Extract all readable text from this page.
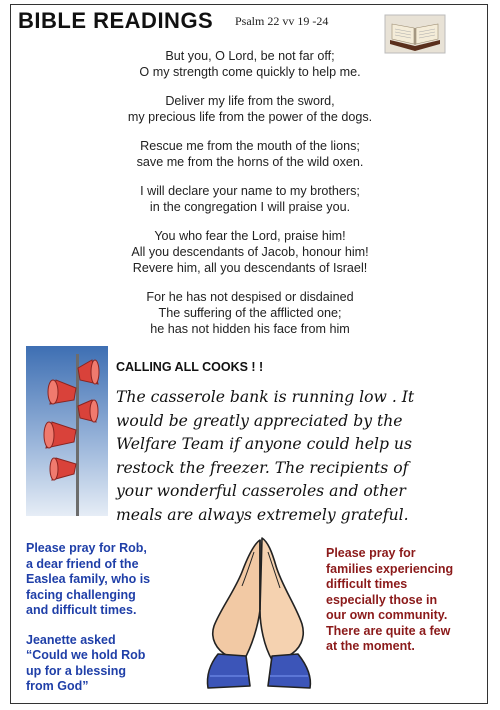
BIBLE READINGS Psalm 22 vv 19 -24
But you, O Lord, be not far off;
O my strength come quickly to help me.
Deliver my life from the sword,
my precious life from the power of the dogs.
Rescue me from the mouth of the lions;
save me from the horns of the wild oxen.
I will declare your name to my brothers;
in the congregation I will praise you.
You who fear the Lord, praise him!
All you descendants of Jacob, honour him!
Revere him, all you descendants of Israel!
For he has not despised or disdained
The suffering of the afflicted one;
he has not hidden his face from him
CALLING ALL COOKS ! !
The casserole bank is running low . It
would be greatly appreciated by the
Welfare Team if anyone could help us
restock the freezer. The recipients of
your wonderful casseroles and other
meals are always extremely grateful.
Please pray for Rob,
a dear friend of the
Easlea family, who is
facing challenging
and difficult times.
Jeanette asked
“Could we hold Rob
up for a blessing
from God”
Please pray for
families experiencing
difficult times
especially those in
our own community.
There are quite a few
at the moment.
